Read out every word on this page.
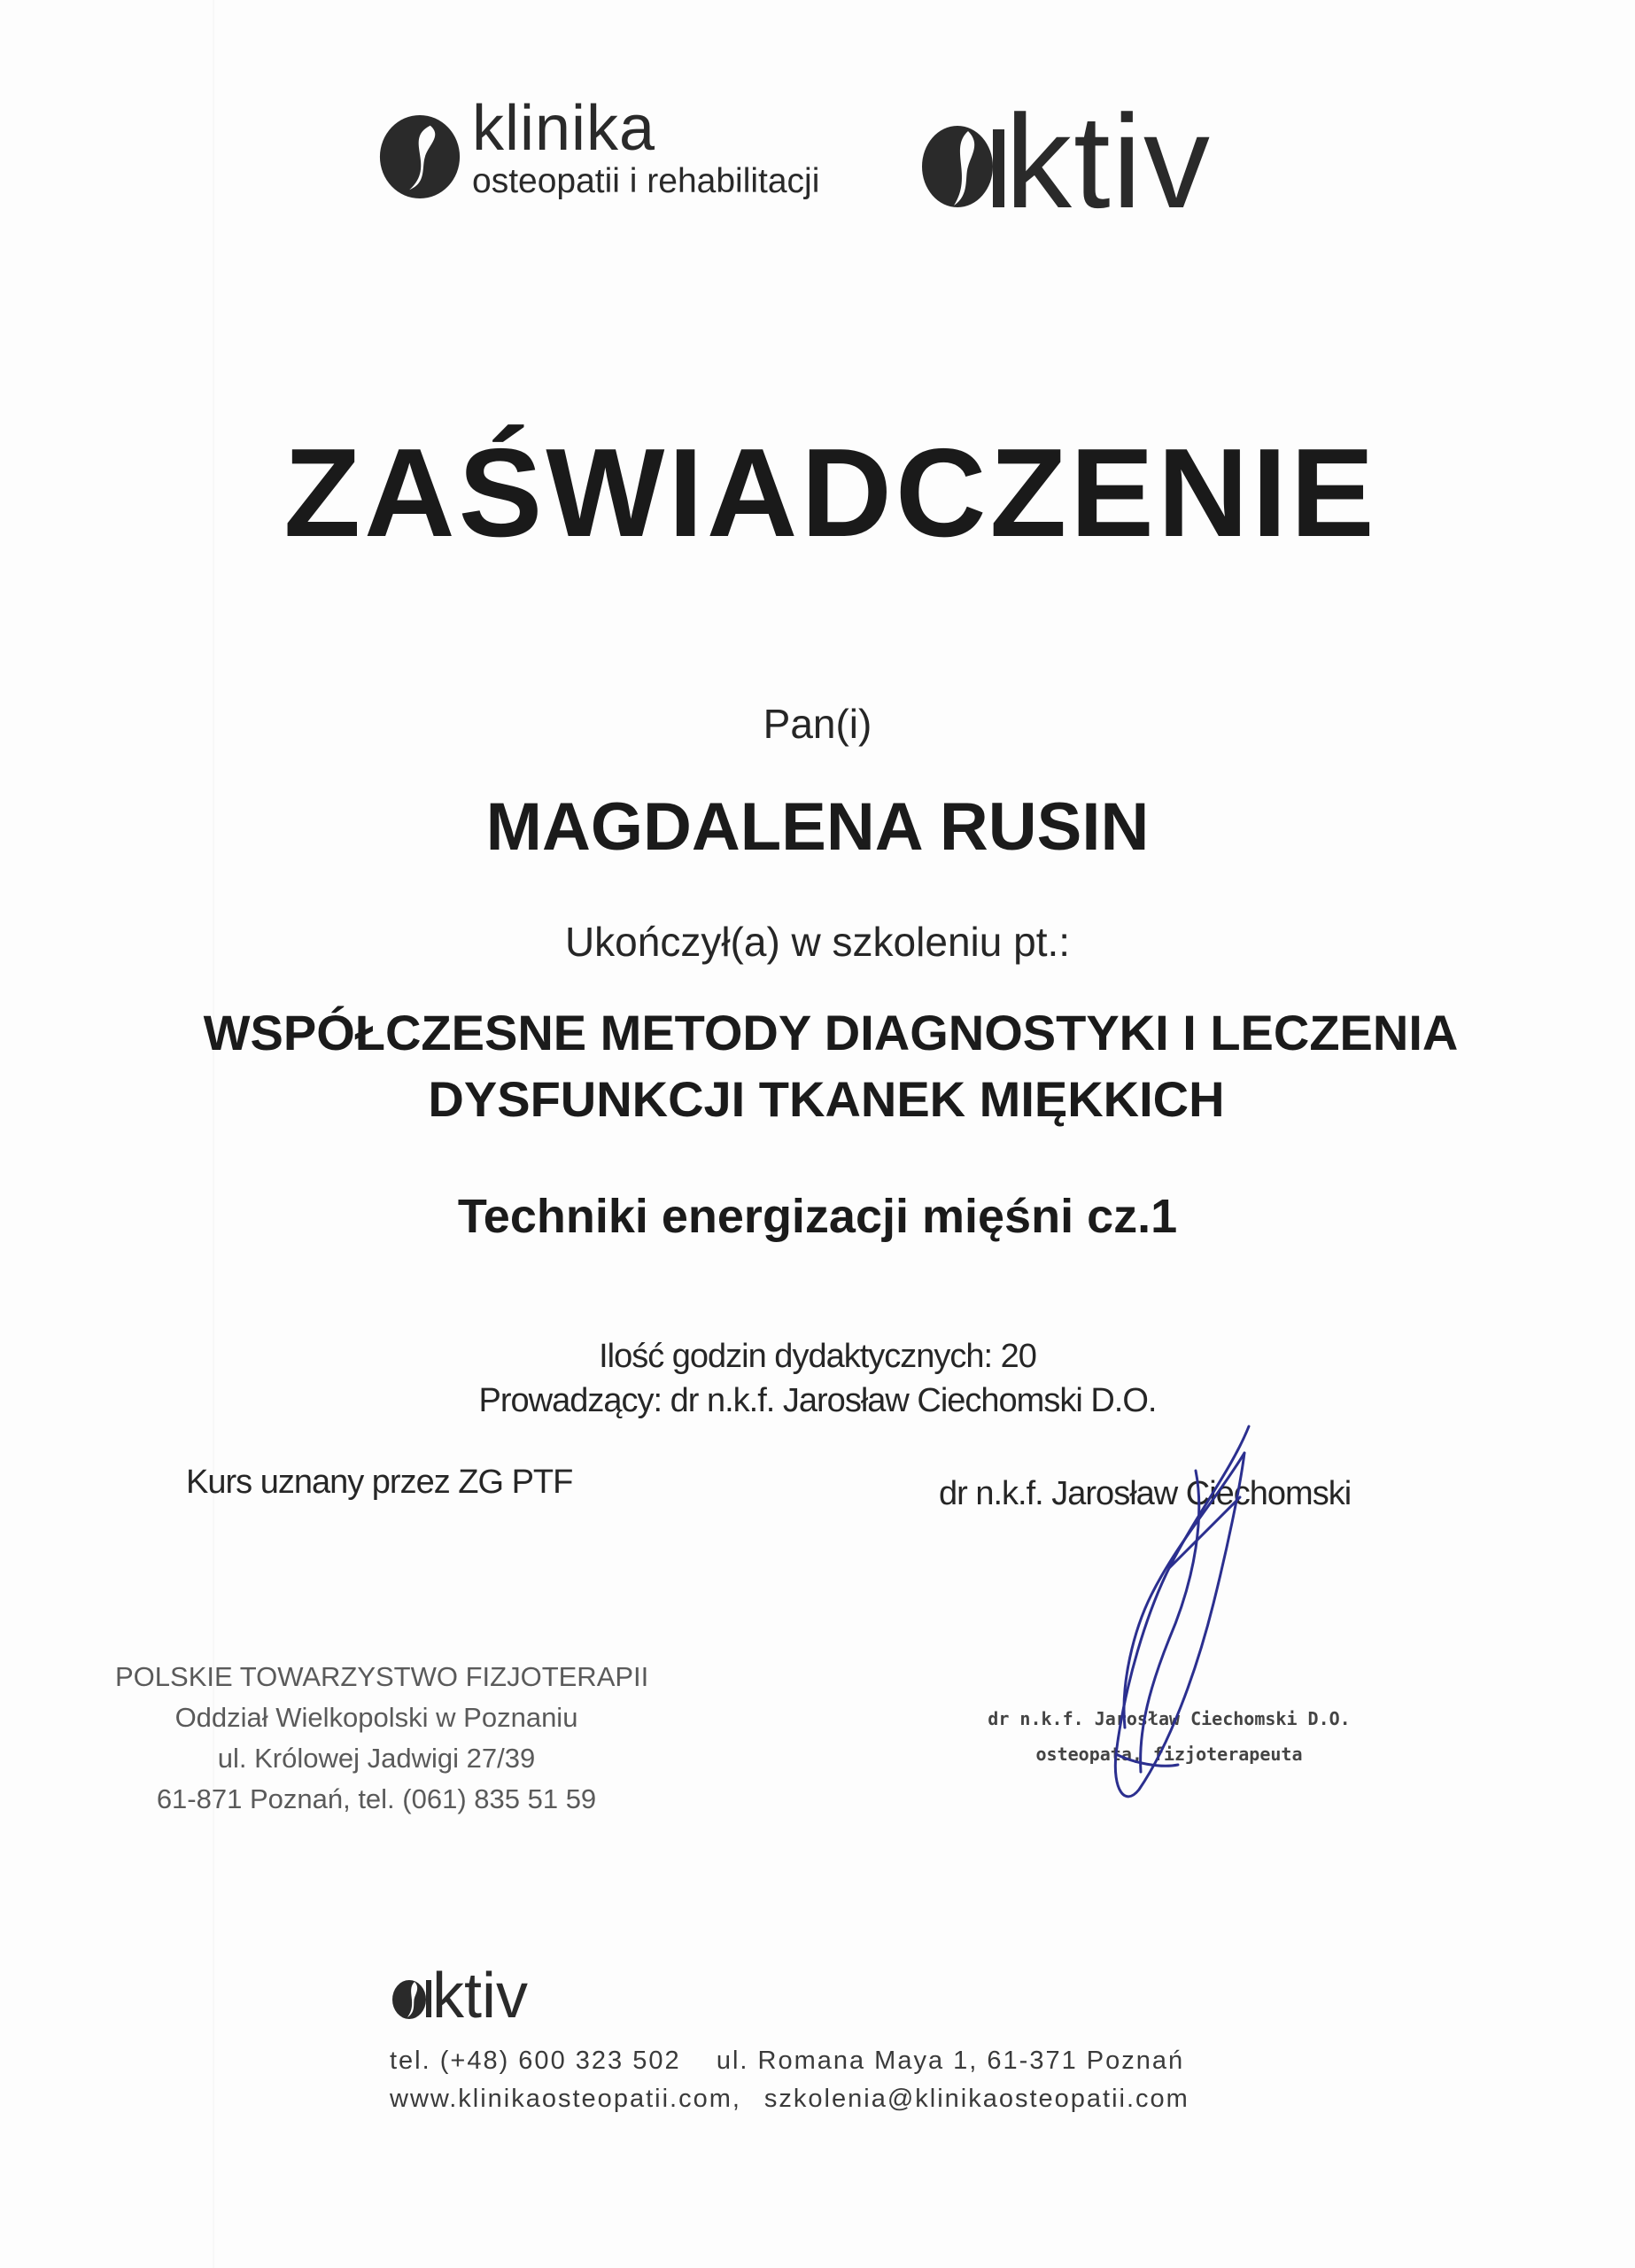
klinika
osteopatii i rehabilitacji ktiv
ZAŚWIADCZENIE
Pan(i)
MAGDALENA RUSIN
Ukończył(a) w szkoleniu pt.:
WSPÓŁCZESNE METODY DIAGNOSTYKI I LECZENIA
DYSFUNKCJI TKANEK MIĘKKICH
Techniki energizacji mięśni cz.1
Ilość godzin dydaktycznych: 20
Prowadzący: dr n.k.f. Jarosław Ciechomski D.O.
Kurs uznany przez ZG PTF	dr n.k.f. Jarosław Ciechomski
POLSKIE TOWARZYSTWO FIZJOTERAPII
Oddział Wielkopolski w Poznaniu
ul. Królowej Jadwigi 27/39
61-871 Poznań, tel. (061) 835 51 59
dr n.k.f. Jarosław Ciechomski D.O.
osteopata, fizjoterapeuta
ktiv
tel. (+48) 600 323 502 ul. Romana Maya 1, 61-371 Poznań
www.klinikaosteopatii.com, szkolenia@klinikaosteopatii.com
